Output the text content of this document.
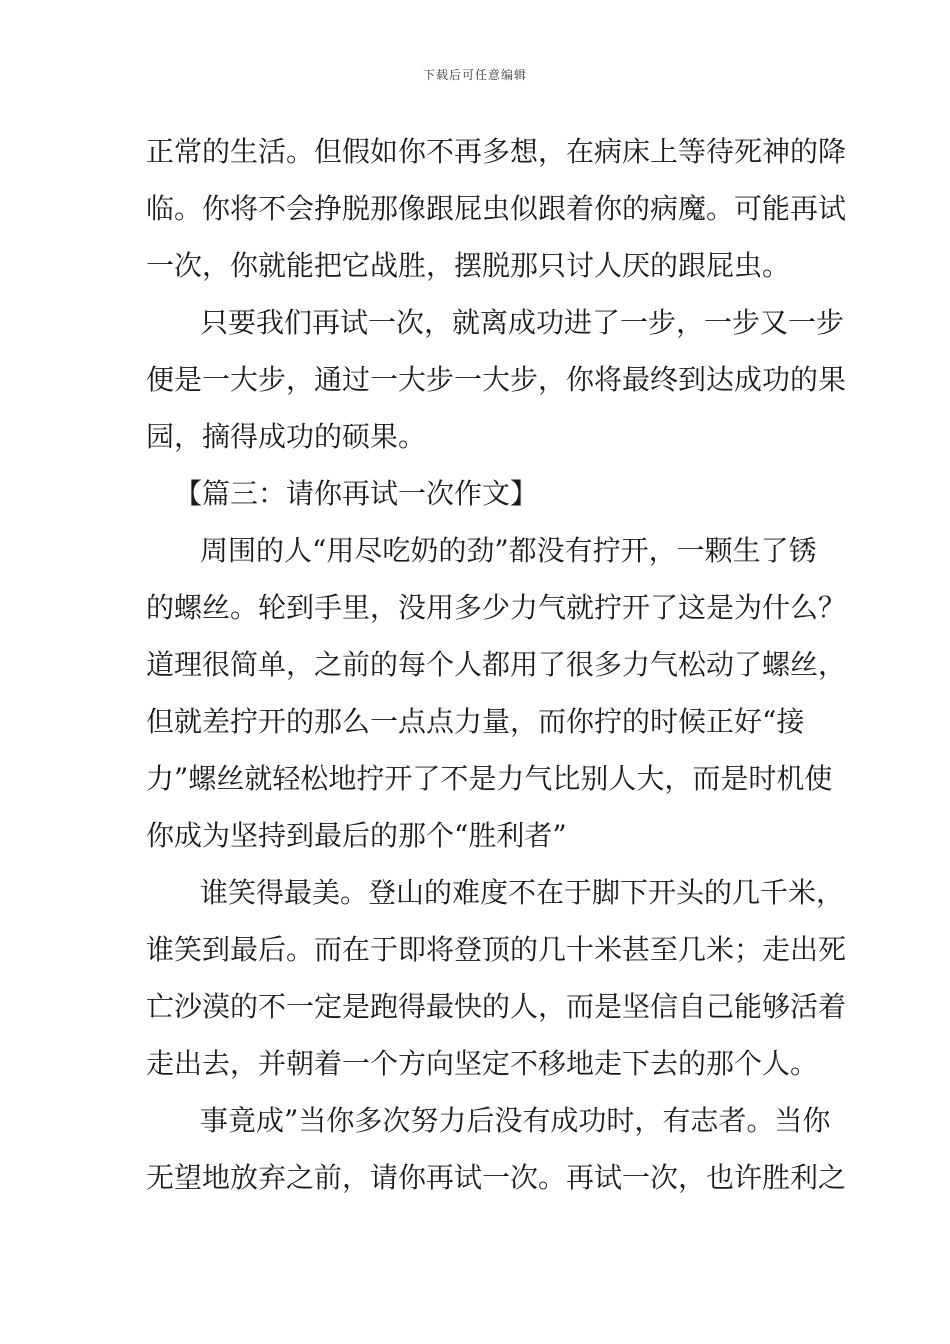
下载后可任意编辑
正常的生活。但假如你不再多想，在病床上等待死神的降
临。你将不会挣脱那像跟屁虫似跟着你的病魔。可能再试
一次，你就能把它战胜，摆脱那只讨人厌的跟屁虫。
只要我们再试一次，就离成功进了一步，一步又一步
便是一大步，通过一大步一大步，你将最终到达成功的果
园，摘得成功的硕果。
【篇三：请你再试一次作文】
周围的人“用尽吃奶的劲”都没有拧开，一颗生了锈
的螺丝。轮到手里，没用多少力气就拧开了这是为什么？
道理很简单，之前的每个人都用了很多力气松动了螺丝，
但就差拧开的那么一点点力量，而你拧的时候正好“接
力”螺丝就轻松地拧开了不是力气比别人大，而是时机使
你成为坚持到最后的那个“胜利者”
谁笑得最美。登山的难度不在于脚下开头的几千米，
谁笑到最后。而在于即将登顶的几十米甚至几米；走出死
亡沙漠的不一定是跑得最快的人，而是坚信自己能够活着
走出去，并朝着一个方向坚定不移地走下去的那个人。
事竟成”当你多次努力后没有成功时，有志者。当你
无望地放弃之前，请你再试一次。再试一次，也许胜利之
